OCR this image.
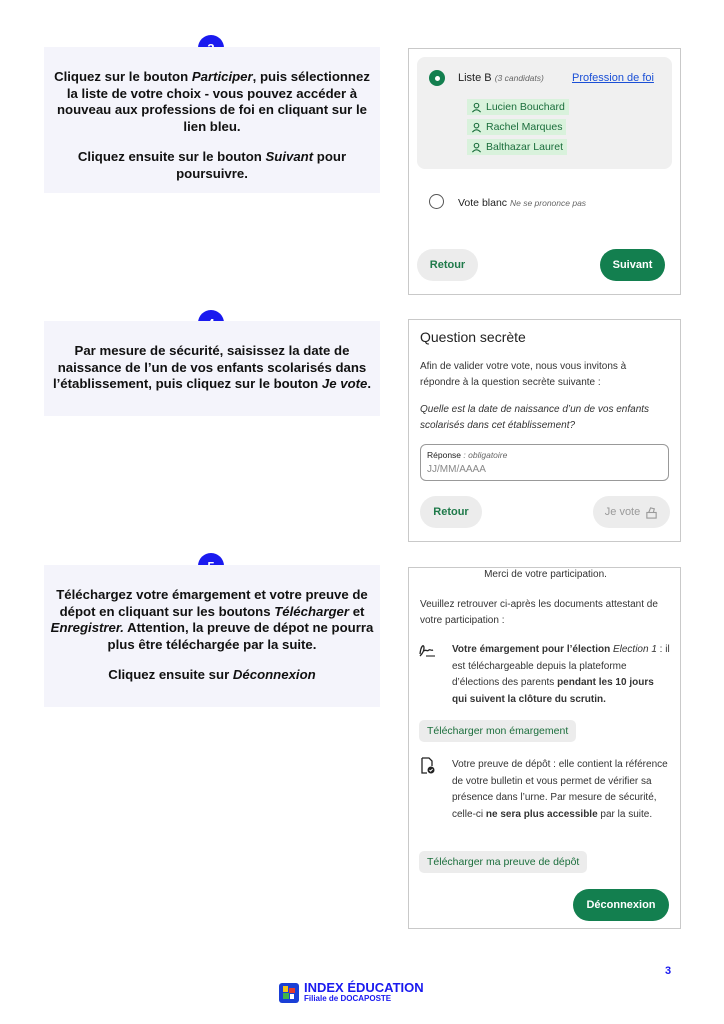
Cliquez sur le bouton Participer, puis sélectionnez la liste de votre choix - vous pouvez accéder à nouveau aux professions de foi en cliquant sur le lien bleu.

Cliquez ensuite sur le bouton Suivant pour poursuivre.

Liste B (3 candidats)	Profession de foi
Lucien Bouchard
Rachel Marques
Balthazar Lauret
Vote blanc Ne se prononce pas
Retour	Suivant

Par mesure de sécurité, saisissez la date de naissance de l’un de vos enfants scolarisés dans l’établissement, puis cliquez sur le bouton Je vote.

Question secrète
Afin de valider votre vote, nous vous invitons à répondre à la question secrète suivante :
Quelle est la date de naissance d’un de vos enfants scolarisés dans cet établissement?
Réponse : obligatoire
JJ/MM/AAAA
Retour	Je vote

Téléchargez votre émargement et votre preuve de dépot en cliquant sur les boutons Télécharger et Enregistrer. Attention, la preuve de dépot ne pourra plus être téléchargée par la suite.

Cliquez ensuite sur Déconnexion

Merci de votre participation.
Veuillez retrouver ci-après les documents attestant de votre participation :
Votre émargement pour l’élection Election 1 : il est téléchargeable depuis la plateforme d’élections des parents pendant les 10 jours qui suivent la clôture du scrutin.
Télécharger mon émargement
Votre preuve de dépôt : elle contient la référence de votre bulletin et vous permet de vérifier sa présence dans l’urne. Par mesure de sécurité, celle-ci ne sera plus accessible par la suite.
Télécharger ma preuve de dépôt
Déconnexion
3
INDEX ÉDUCATION
Filiale de DOCAPOSTE
